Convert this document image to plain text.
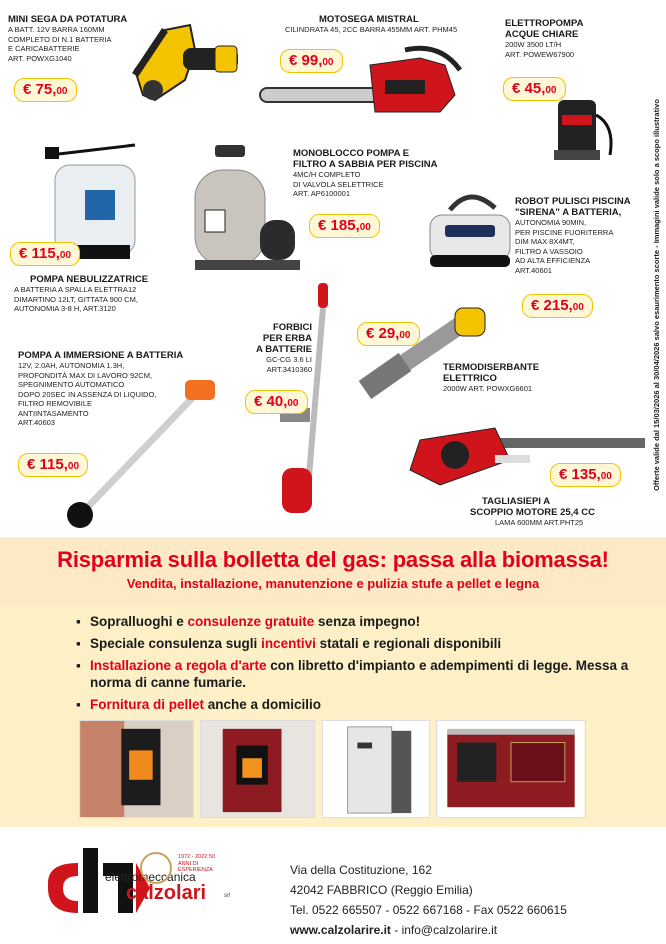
MINI SEGA DA POTATURA
A BATT. 12V BARRA 160MM
COMPLETO DI N.1 BATTERIA
E CARICABATTERIE
ART. POWXG1040
€ 75,00
MOTOSEGA MISTRAL
CILINDRATA 45, 2CC BARRA 455MM ART. PHM45
€ 99,00
ELETTROPOMPA
ACQUE CHIARE
200W 3500 LT/H
ART. POWEW67900
€ 45,00
MONOBLOCCO POMPA E
FILTRO A SABBIA PER PISCINA
4MC/H COMPLETO
DI VALVOLA SELETTRICE
ART. AP6100001
€ 185,00
€ 115,00
POMPA NEBULIZZATRICE
A BATTERIA A SPALLA ELETTRA12
DIMARTINO 12LT, GITTATA 900 CM,
AUTONOMIA 3-8 H, ART.3120
ROBOT PULISCI PISCINA
"SIRENA" A BATTERIA,
AUTONOMIA 90MIN,
PER PISCINE FUORITERRA
DIM MAX 8X4MT,
FILTRO A VASSOIO
AD ALTA EFFICIENZA
ART.40601
€ 215,00
FORBICI
PER ERBA
A BATTERIE
GC-CG 3.6 LI
ART.3410360
€ 40,00
€ 29,00
TERMODISERBANTE
ELETTRICO
2000W ART. POWXG6601
POMPA A IMMERSIONE A BATTERIA
12V, 2.0AH, AUTONOMIA 1.3H,
PROFONDITÀ MAX DI LAVORO 92CM,
SPEGNIMENTO AUTOMATICO
DOPO 20SEC IN ASSENZA DI LIQUIDO,
FILTRO REMOVIBILE
ANTIINTASAMENTO
ART.40603
€ 115,00	€ 135,00
TAGLIASIEPI A
SCOPPIO MOTORE 25,4 CC
LAMA 600MM ART.PHT25
Offerte valide dal 15/03/2026 al 30/04/2026 salvo esaurimento scorte - Immagini valide solo a scopo illustrativo
Risparmia sulla bolletta del gas: passa alla biomassa!
Vendita, installazione, manutenzione e pulizia stufe a pellet e legna
▪ Sopralluoghi e consulenze gratuite senza impegno!
▪ Speciale consulenza sugli incentivi statali e regionali disponibili
▪ Installazione a regola d'arte con libretto d'impianto e adempimenti di legge. Messa a norma di canne fumarie.
▪ Fornitura di pellet anche a domicilio
elettromeccanica
calzolari	srl
1972 - 2022 50 ANNI DI ESPERIENZA	Via della Costituzione, 162
42042 FABBRICO (Reggio Emilia)
Tel. 0522 665507 - 0522 667168 - Fax 0522 660615
www.calzolarire.it - info@calzolarire.it
